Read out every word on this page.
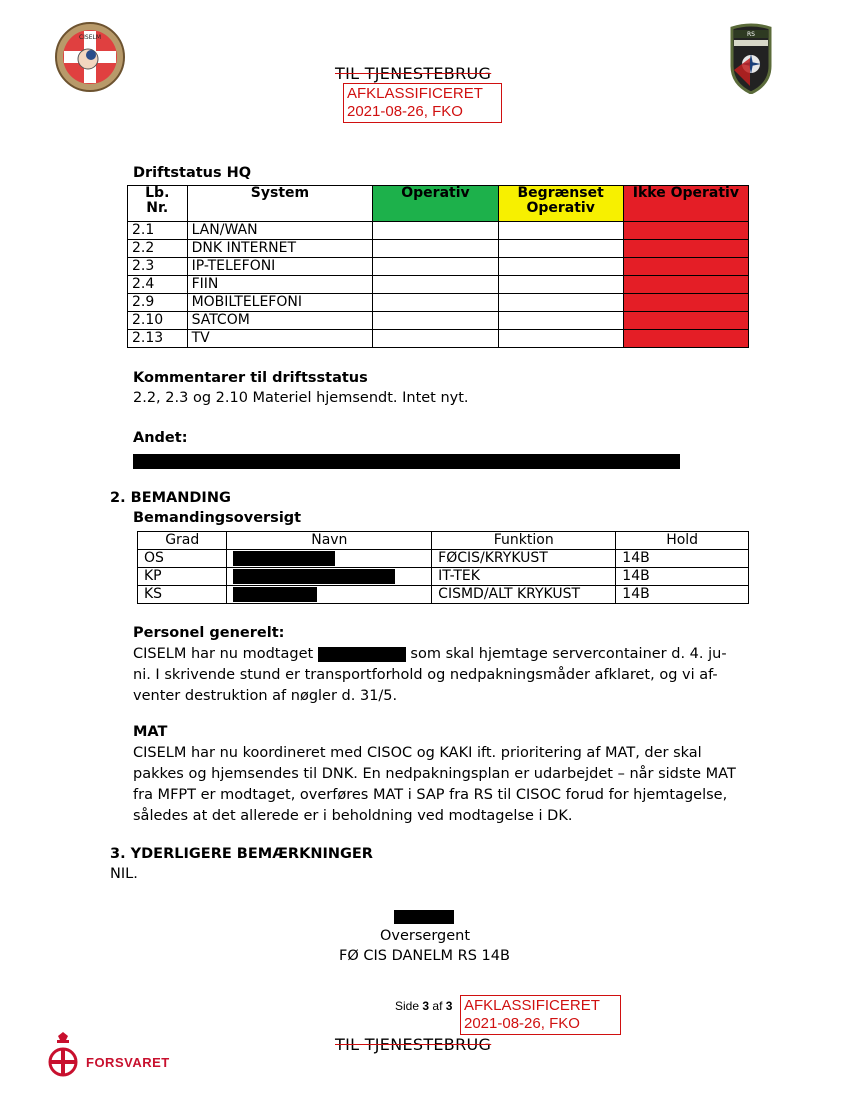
CISELM	RS
TIL TJENESTEBRUG
AFKLASSIFICERET
2021-08-26, FKO
Driftstatus HQ
Lb. Nr.	System	Operativ	Begrænset Operativ	Ikke Operativ
2.1	LAN/WAN			
2.2	DNK INTERNET			
2.3	IP-TELEFONI			
2.4	FIIN			
2.9	MOBILTELEFONI			
2.10	SATCOM			
2.13	TV			
Kommentarer til driftsstatus
2.2, 2.3 og 2.10 Materiel hjemsendt. Intet nyt.
Andet:
2. BEMANDING
Bemandingsoversigt
Grad	Navn	Funktion	Hold
OS		FØCIS/KRYKUST	14B
KP		IT-TEK	14B
KS		CISMD/ALT KRYKUST	14B
Personel generelt:
CISELM har nu modtaget	som skal hjemtage servercontainer d. 4. ju-
ni. I skrivende stund er transportforhold og nedpakningsmåder afklaret, og vi af-
venter destruktion af nøgler d. 31/5.
MAT
CISELM har nu koordineret med CISOC og KAKI ift. prioritering af MAT, der skal
pakkes og hjemsendes til DNK. En nedpakningsplan er udarbejdet – når sidste MAT
fra MFPT er modtaget, overføres MAT i SAP fra RS til CISOC forud for hjemtagelse,
således at det allerede er i beholdning ved modtagelse i DK.
3. YDERLIGERE BEMÆRKNINGER
NIL.
Oversergent
FØ CIS DANELM RS 14B
Side 3 af 3 AFKLASSIFICERET
2021-08-26, FKO
TIL TJENESTEBRUG
FORSVARET
